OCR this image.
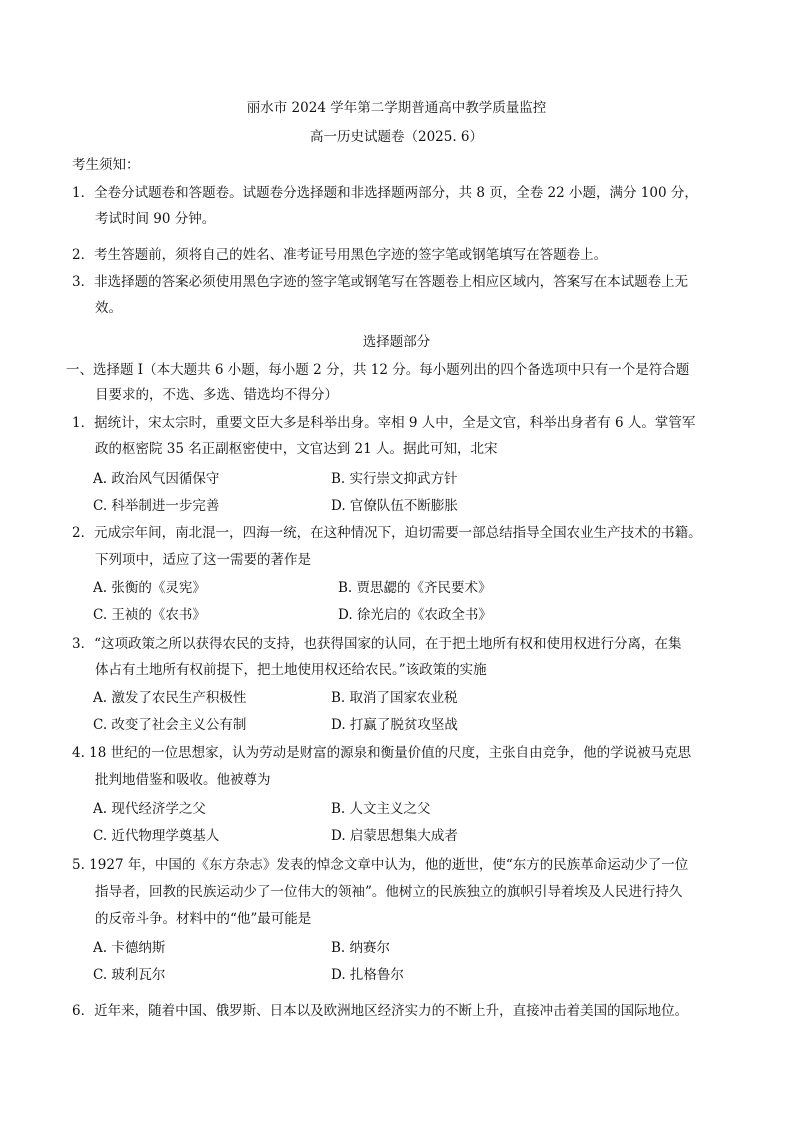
丽水市 2024 学年第二学期普通高中教学质量监控
高一历史试题卷（2025. 6）
考生须知：
1．全卷分试题卷和答题卷。试题卷分选择题和非选择题两部分，共 8 页，全卷 22 小题，满分 100 分，
考试时间 90 分钟。
2．考生答题前，须将自己的姓名、准考证号用黑色字迹的签字笔或钢笔填写在答题卷上。
3．非选择题的答案必须使用黑色字迹的签字笔或钢笔写在答题卷上相应区域内，答案写在本试题卷上无
效。
选择题部分
一、选择题 I（本大题共 6 小题，每小题 2 分，共 12 分。每小题列出的四个备选项中只有一个是符合题
目要求的，不选、多选、错选均不得分）
1．据统计，宋太宗时，重要文臣大多是科举出身。宰相 9 人中，全是文官，科举出身者有 6 人。掌管军
政的枢密院 35 名正副枢密使中，文官达到 21 人。据此可知，北宋
A. 政治风气因循保守	B. 实行崇文抑武方针
C. 科举制进一步完善	D. 官僚队伍不断膨胀
2．元成宗年间，南北混一，四海一统，在这种情况下，迫切需要一部总结指导全国农业生产技术的书籍。
下列项中，适应了这一需要的著作是
A. 张衡的《灵宪》	B. 贾思勰的《齐民要术》
C. 王祯的《农书》	D. 徐光启的《农政全书》
3．“这项政策之所以获得农民的支持，也获得国家的认同，在于把土地所有权和使用权进行分离，在集
体占有土地所有权前提下，把土地使用权还给农民。”该政策的实施
A. 激发了农民生产积极性	B. 取消了国家农业税
C. 改变了社会主义公有制	D. 打赢了脱贫攻坚战
4. 18 世纪的一位思想家，认为劳动是财富的源泉和衡量价值的尺度，主张自由竞争，他的学说被马克思
批判地借鉴和吸收。他被尊为
A. 现代经济学之父	B. 人文主义之父
C. 近代物理学奠基人	D. 启蒙思想集大成者
5. 1927 年，中国的《东方杂志》发表的悼念文章中认为，他的逝世，使“东方的民族革命运动少了一位
指导者，回教的民族运动少了一位伟大的领袖”。他树立的民族独立的旗帜引导着埃及人民进行持久
的反帝斗争。材料中的“他”最可能是
A. 卡德纳斯	B. 纳赛尔
C. 玻利瓦尔	D. 扎格鲁尔
6．近年来，随着中国、俄罗斯、日本以及欧洲地区经济实力的不断上升，直接冲击着美国的国际地位。
